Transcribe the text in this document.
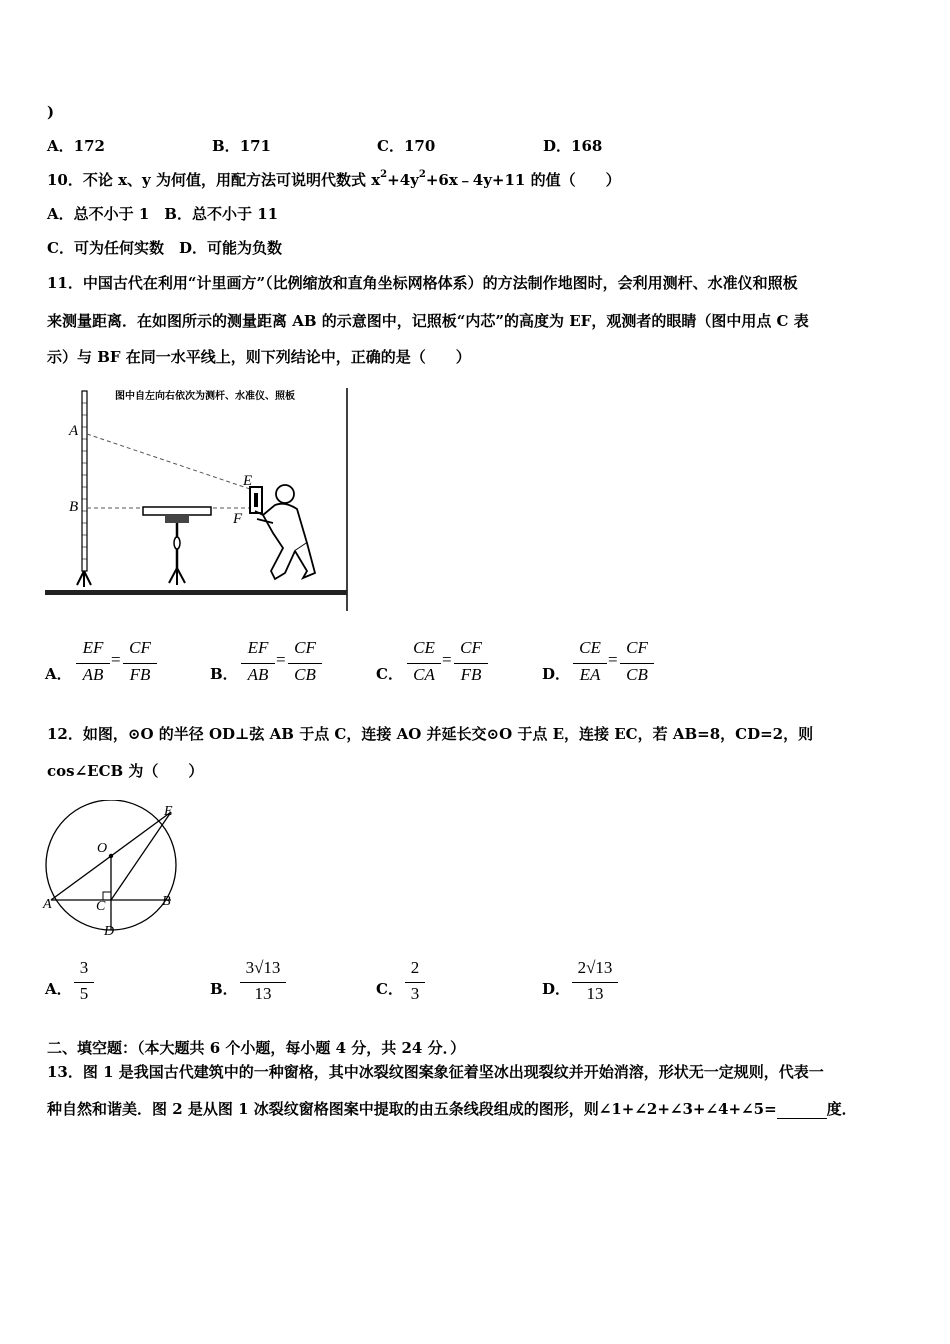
)
A．172	B．171	C．170	D．168
10．不论 x、y 为何值，用配方法可说明代数式 $x^2+4y^2+6x﹣4y+11$ 的值（　　）
A．总不小于 1　B．总不小于 11
C．可为任何实数　D．可能为负数
11．中国古代在利用“计里画方”（比例缩放和直角坐标网格体系）的方法制作地图时，会利用测杆、水准仪和照板
来测量距离．在如图所示的测量距离 AB 的示意图中，记照板“内芯”的高度为 EF，观测者的眼睛（图中用点 C 表
示）与 BF 在同一水平线上，则下列结论中，正确的是（　　）
图中自左向右依次为测杆、水准仪、照板
A
B
E
F
A．
EF
AB
=
CF
FB	B．
EF
AB
=
CF
CB	C．
CE
CA
=
CF
FB	D．
CE
EA
=
CF
CB
12．如图，⊙O 的半径 OD⊥弦 AB 于点 C，连接 AO 并延长交⊙O 于点 E，连接 EC，若 AB=8，CD=2，则
cos∠ECB 为（　　）
O
A	B
C
D
E
A．
3
5	B．
3√13
13	C．
2
3	D．
2√13
13
二、填空题：（本大题共 6 个小题，每小题 4 分，共 24 分．）
13．图 1 是我国古代建筑中的一种窗格，其中冰裂纹图案象征着坚冰出现裂纹并开始消溶，形状无一定规则，代表一
种自然和谐美．图 2 是从图 1 冰裂纹窗格图案中提取的由五条线段组成的图形，则∠1+∠2+∠3+∠4+∠5=	度．
